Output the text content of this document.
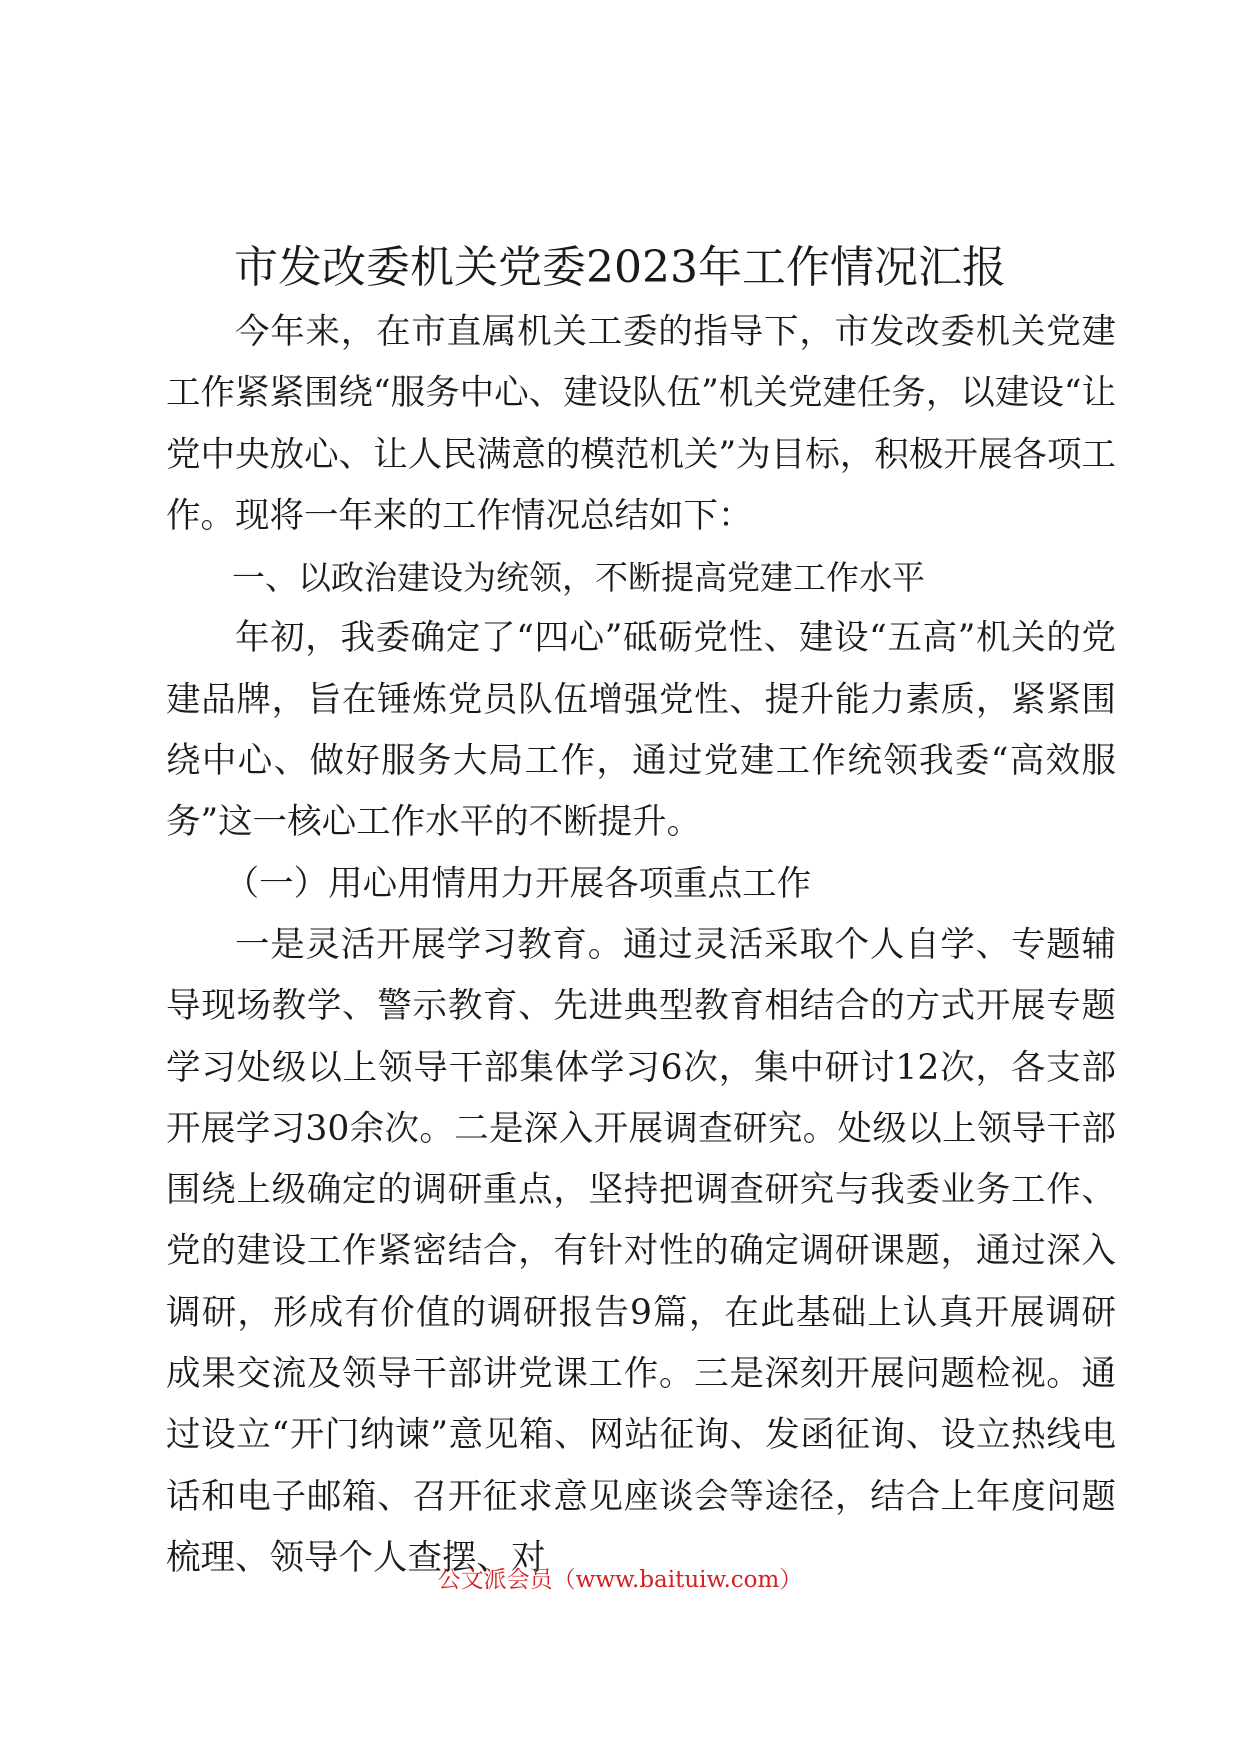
市发改委机关党委2023年工作情况汇报

今年来，在市直属机关工委的指导下，市发改委机关党建工作紧紧围绕“服务中心、建设队伍”机关党建任务，以建设“让党中央放心、让人民满意的模范机关”为目标，积极开展各项工作。现将一年来的工作情况总结如下：

一、以政治建设为统领，不断提高党建工作水平

年初，我委确定了“四心”砥砺党性、建设“五高”机关的党建品牌，旨在锤炼党员队伍增强党性、提升能力素质，紧紧围绕中心、做好服务大局工作，通过党建工作统领我委“高效服务”这一核心工作水平的不断提升。

（一）用心用情用力开展各项重点工作

一是灵活开展学习教育。通过灵活采取个人自学、专题辅导现场教学、警示教育、先进典型教育相结合的方式开展专题学习处级以上领导干部集体学习6次，集中研讨12次，各支部开展学习30余次。二是深入开展调查研究。处级以上领导干部围绕上级确定的调研重点，坚持把调查研究与我委业务工作、党的建设工作紧密结合，有针对性的确定调研课题，通过深入调研，形成有价值的调研报告9篇，在此基础上认真开展调研成果交流及领导干部讲党课工作。三是深刻开展问题检视。通过设立“开门纳谏”意见箱、网站征询、发函征询、设立热线电话和电子邮箱、召开征求意见座谈会等途径，结合上年度问题梳理、领导个人查摆、对

公文派会员（www.baituiw.com）
